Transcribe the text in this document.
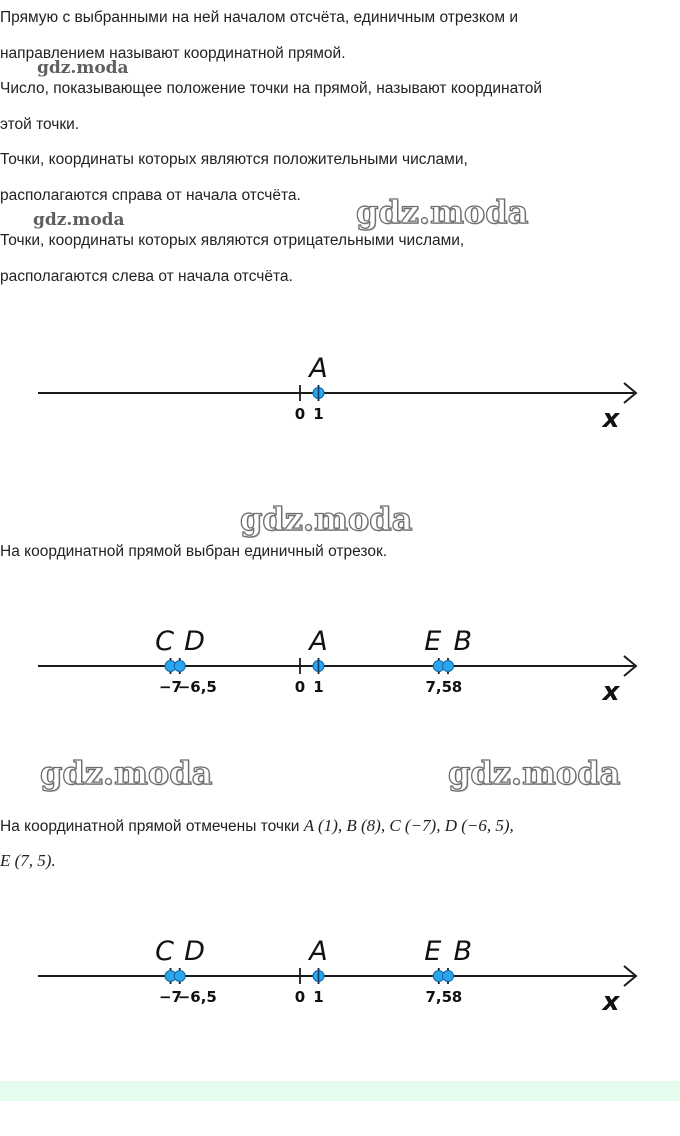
Прямую с выбранными на ней началом отсчёта, единичным отрезком и

направлением называют координатной прямой.

Число, показывающее положение точки на прямой, называют координатой

этой точки.

Точки, координаты которых являются положительными числами,

располагаются справа от начала отсчёта.

Точки, координаты которых являются отрицательными числами,

располагаются слева от начала отсчёта.

На координатной прямой выбран единичный отрезок.

На координатной прямой отмечены точки A (1), B (8), C (−7), D (−6, 5),

E (7, 5).

gdz.moda
gdz.moda
gdz.moda
gdz.moda
gdz.moda	gdz.moda
x
A
0 1
x
C D	A	E B
−7
−6,5	0 1	7,5 8
x
C D	A	E B
−7
−6,5	0 1	7,5 8
